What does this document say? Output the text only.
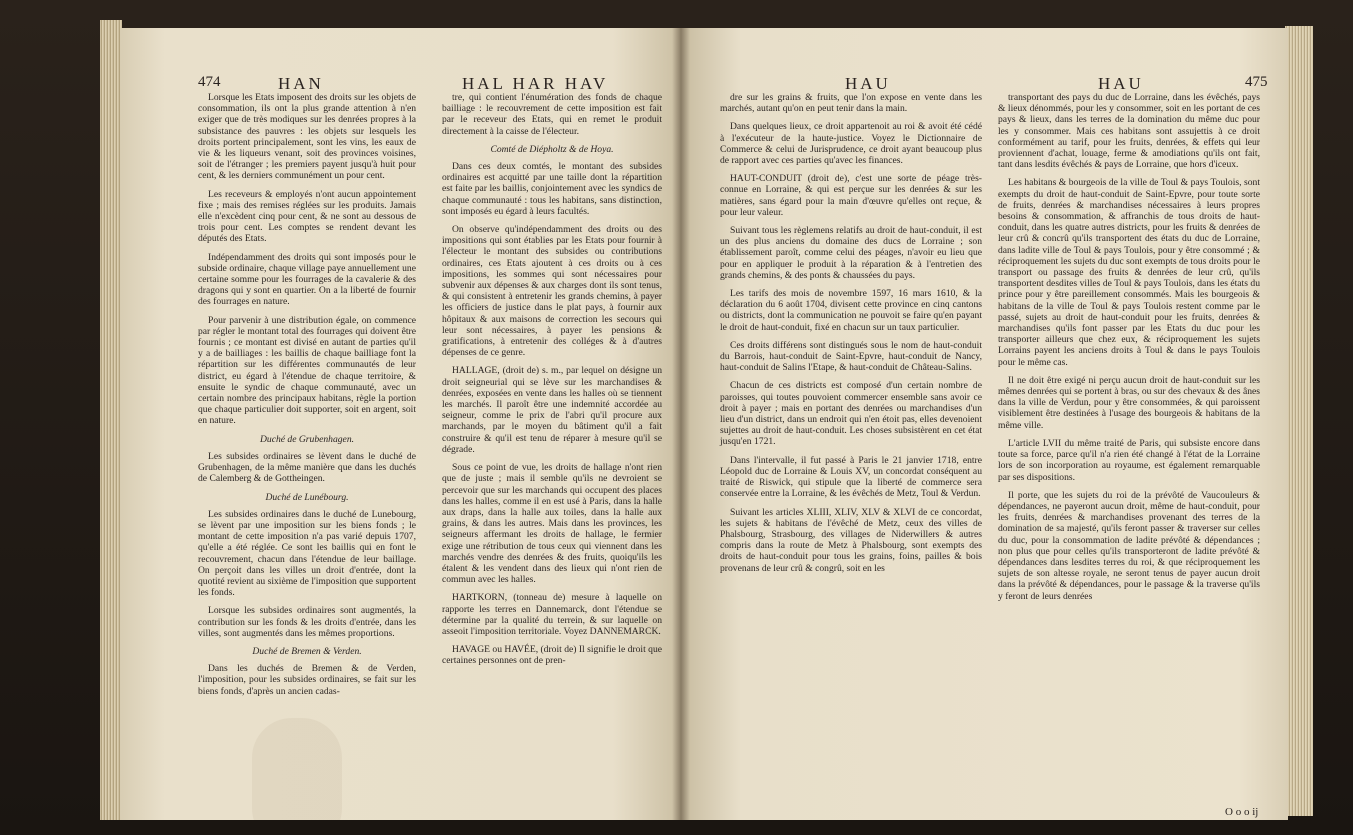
474	HAN	HAL HAR HAV

Lorsque les Etats imposent des droits sur les objets de consommation, ils ont la plus grande attention à n'en exiger que de très modiques sur les denrées propres à la subsistance des pauvres : les objets sur lesquels les droits portent principalement, sont les vins, les eaux de vie & les liqueurs venant, soit des provinces voisines, soit de l'étranger ; les premiers payent jusqu'à huit pour cent, & les derniers communément un pour cent.

Les receveurs & employés n'ont aucun appointement fixe ; mais des remises réglées sur les produits. Jamais elle n'excèdent cinq pour cent, & ne sont au dessous de trois pour cent. Les comptes se rendent devant les députés des Etats.

Indépendamment des droits qui sont imposés pour le subside ordinaire, chaque village paye annuellement une certaine somme pour les fourrages de la cavalerie & des dragons qui y sont en quartier. On a la liberté de fournir des fourrages en nature.

Pour parvenir à une distribution égale, on commence par régler le montant total des fourrages qui doivent être fournis ; ce montant est divisé en autant de parties qu'il y a de bailliages : les baillis de chaque bailliage font la répartition sur les différentes communautés de leur district, eu égard à l'étendue de chaque territoire, & ensuite le syndic de chaque communauté, avec un certain nombre des principaux habitans, règle la portion que chaque particulier doit supporter, soit en argent, soit en nature.

Duché de Grubenhagen.

Les subsides ordinaires se lèvent dans le duché de Grubenhagen, de la même manière que dans les duchés de Calemberg & de Gottheingen.

Duché de Lunébourg.

Les subsides ordinaires dans le duché de Lunebourg, se lèvent par une imposition sur les biens fonds ; le montant de cette imposition n'a pas varié depuis 1707, qu'elle a été réglée. Ce sont les baillis qui en font le recouvrement, chacun dans l'étendue de leur baillage. On perçoit dans les villes un droit d'entrée, dont la quotité revient au sixième de l'imposition que supportent les fonds.

Lorsque les subsides ordinaires sont augmentés, la contribution sur les fonds & les droits d'entrée, dans les villes, sont augmentés dans les mêmes proportions.

Duché de Bremen & Verden.

Dans les duchés de Bremen & de Verden, l'imposition, pour les subsides ordinaires, se fait sur les biens fonds, d'après un ancien cadas-

tre, qui contient l'énumération des fonds de chaque bailliage : le recouvrement de cette imposition est fait par le receveur des Etats, qui en remet le produit directement à la caisse de l'électeur.

Comté de Diépholtz & de Hoya.

Dans ces deux comtés, le montant des subsides ordinaires est acquitté par une taille dont la répartition est faite par les baillis, conjointement avec les syndics de chaque communauté : tous les habitans, sans distinction, sont imposés eu égard à leurs facultés.

On observe qu'indépendamment des droits ou des impositions qui sont établies par les Etats pour fournir à l'électeur le montant des subsides ou contributions ordinaires, ces Etats ajoutent à ces droits ou à ces impositions, les sommes qui sont nécessaires pour subvenir aux dépenses & aux charges dont ils sont tenus, & qui consistent à entretenir les grands chemins, à payer les officiers de justice dans le plat pays, à fournir aux hôpitaux & aux maisons de correction les secours qui leur sont nécessaires, à payer les pensions & gratifications, à entretenir des colléges & à d'autres dépenses de ce genre.

HALLAGE, (droit de) s. m., par lequel on désigne un droit seigneurial qui se lève sur les marchandises & denrées, exposées en vente dans les halles où se tiennent les marchés. Il paroît être une indemnité accordée au seigneur, comme le prix de l'abri qu'il procure aux marchands, par le moyen du bâtiment qu'il a fait construire & qu'il est tenu de réparer à mesure qu'il se dégrade.

Sous ce point de vue, les droits de hallage n'ont rien que de juste ; mais il semble qu'ils ne devroient se percevoir que sur les marchands qui occupent des places dans les halles, comme il en est usé à Paris, dans la halle aux draps, dans la halle aux toiles, dans la halle aux grains, & dans les autres. Mais dans les provinces, les seigneurs affermant les droits de hallage, le fermier exige une rétribution de tous ceux qui viennent dans les marchés vendre des denrées & des fruits, quoiqu'ils les étalent & les vendent dans des lieux qui n'ont rien de commun avec les halles.

HARTKORN, (tonneau de) mesure à laquelle on rapporte les terres en Dannemarck, dont l'étendue se détermine par la qualité du terrein, & sur laquelle on asseoit l'imposition territoriale. Voyez DANNEMARCK.

HAVAGE ou HAVÉE, (droit de) Il signifie le droit que certaines personnes ont de pren-

HAU	HAU	475

dre sur les grains & fruits, que l'on expose en vente dans les marchés, autant qu'on en peut tenir dans la main.

Dans quelques lieux, ce droit appartenoit au roi & avoit été cédé à l'exécuteur de la haute-justice. Voyez le Dictionnaire de Commerce & celui de Jurisprudence, ce droit ayant beaucoup plus de rapport avec ces parties qu'avec les finances.

HAUT-CONDUIT (droit de), c'est une sorte de péage très-connue en Lorraine, & qui est perçue sur les denrées & sur les matières, sans égard pour la main d'œuvre qu'elles ont reçue, & pour leur valeur.

Suivant tous les règlemens relatifs au droit de haut-conduit, il est un des plus anciens du domaine des ducs de Lorraine ; son établissement paroît, comme celui des péages, n'avoir eu lieu que pour en appliquer le produit à la réparation & à l'entretien des grands chemins, & des ponts & chaussées du pays.

Les tarifs des mois de novembre 1597, 16 mars 1610, & la déclaration du 6 août 1704, divisent cette province en cinq cantons ou districts, dont la communication ne pouvoit se faire qu'en payant le droit de haut-conduit, fixé en chacun sur un taux particulier.

Ces droits différens sont distingués sous le nom de haut-conduit du Barrois, haut-conduit de Saint-Epvre, haut-conduit de Nancy, haut-conduit de Salins l'Etape, & haut-conduit de Château-Salins.

Chacun de ces districts est composé d'un certain nombre de paroisses, qui toutes pouvoient commercer ensemble sans avoir ce droit à payer ; mais en portant des denrées ou marchandises d'un lieu d'un district, dans un endroit qui n'en étoit pas, elles devenoient sujettes au droit de haut-conduit. Les choses subsistèrent en cet état jusqu'en 1721.

Dans l'intervalle, il fut passé à Paris le 21 janvier 1718, entre Léopold duc de Lorraine & Louis XV, un concordat conséquent au traité de Riswick, qui stipule que la liberté de commerce sera conservée entre la Lorraine, & les évêchés de Metz, Toul & Verdun.

Suivant les articles XLIII, XLIV, XLV & XLVI de ce concordat, les sujets & habitans de l'évêché de Metz, ceux des villes de Phalsbourg, Strasbourg, des villages de Niderwillers & autres compris dans la route de Metz à Phalsbourg, sont exempts des droits de haut-conduit pour tous les grains, foins, pailles & bois provenans de leur crû & congrû, soit en les

transportant des pays du duc de Lorraine, dans les évêchés, pays & lieux dénommés, pour les y consommer, soit en les portant de ces pays & lieux, dans les terres de la domination du même duc pour les y consommer. Mais ces habitans sont assujettis à ce droit conformément au tarif, pour les fruits, denrées, & effets qui leur proviennent d'achat, louage, ferme & amodiations qu'ils ont fait, tant dans lesdits évêchés & pays de Lorraine, que hors d'iceux.

Les habitans & bourgeois de la ville de Toul & pays Toulois, sont exempts du droit de haut-conduit de Saint-Epvre, pour toute sorte de fruits, denrées & marchandises nécessaires à leurs propres besoins & consommation, & affranchis de tous droits de haut-conduit, dans les quatre autres districts, pour les fruits & denrées de leur crû & concrû qu'ils transportent des états du duc de Lorraine, dans ladite ville de Toul & pays Toulois, pour y être consommé ; & réciproquement les sujets du duc sont exempts de tous droits pour le transport ou passage des fruits & denrées de leur crû, qu'ils transportent desdites villes de Toul & pays Toulois, dans les états du prince pour y être pareillement consommés. Mais les bourgeois & habitans de la ville de Toul & pays Toulois restent comme par le passé, sujets au droit de haut-conduit pour les fruits, denrées & marchandises qu'ils font passer par les Etats du duc pour les transporter ailleurs que chez eux, & réciproquement les sujets Lorrains payent les anciens droits à Toul & dans le pays Toulois pour le même cas.

Il ne doit être exigé ni perçu aucun droit de haut-conduit sur les mêmes denrées qui se portent à bras, ou sur des chevaux & des ânes dans la ville de Verdun, pour y être consommées, & qui paroissent visiblement être destinées à l'usage des bourgeois & habitans de la même ville.

L'article LVII du même traité de Paris, qui subsiste encore dans toute sa force, parce qu'il n'a rien été changé à l'état de la Lorraine lors de son incorporation au royaume, est également remarquable par ses dispositions.

Il porte, que les sujets du roi de la prévôté de Vaucouleurs & dépendances, ne payeront aucun droit, même de haut-conduit, pour les fruits, denrées & marchandises provenant des terres de la domination de sa majesté, qu'ils feront passer & traverser sur celles du duc, pour la consommation de ladite prévôté & dépendances ; non plus que pour celles qu'ils transporteront de ladite prévôté & dépendances dans lesdites terres du roi, & que réciproquement les sujets de son altesse royale, ne seront tenus de payer aucun droit dans la prévôté & dépendances, pour le passage & la traverse qu'ils y feront de leurs denrées

O o o ij
